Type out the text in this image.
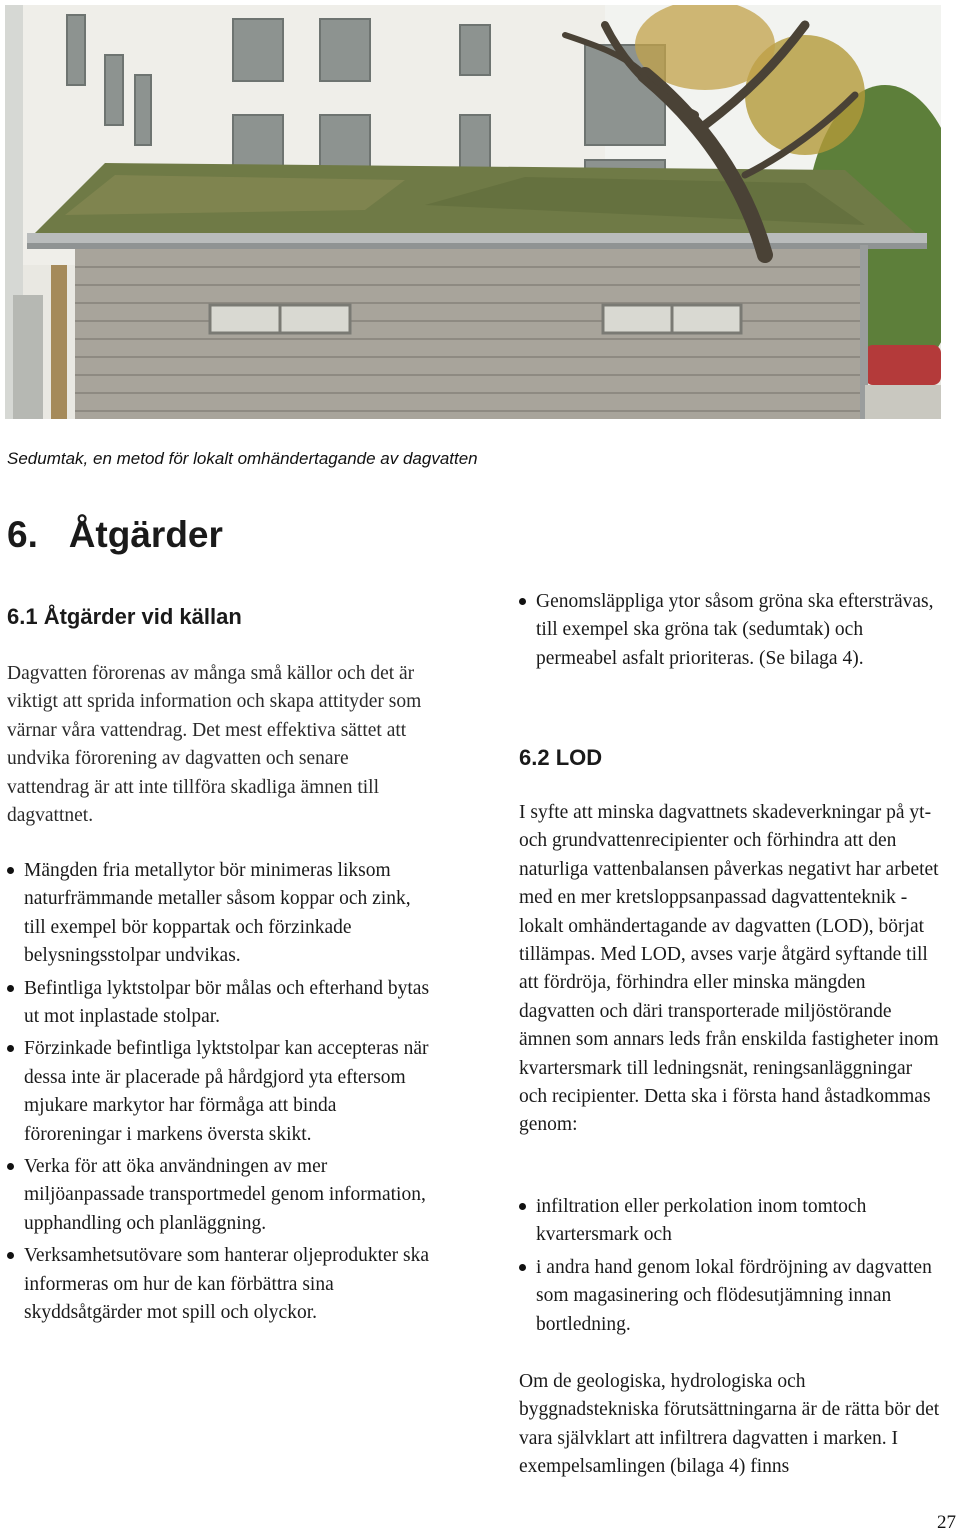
Sedumtak, en metod för lokalt omhändertagande av dagvatten
6.   Åtgärder
6.1 Åtgärder vid källan
Dagvatten förorenas av många små källor och det är viktigt att sprida information och skapa attityder som värnar våra vattendrag. Det mest effektiva sättet att undvika förorening av dagvatten och senare vattendrag är att inte tillföra skadliga ämnen till dagvattnet.
Mängden fria metallytor bör minimeras liksom naturfrämmande metaller såsom koppar och zink, till exempel bör koppartak och förzinkade belysningsstolpar undvikas.
Befintliga lyktstolpar bör målas och efterhand bytas ut mot inplastade stolpar.
Förzinkade befintliga lyktstolpar kan accepteras när dessa inte är placerade på hårdgjord yta eftersom mjukare markytor har förmåga att binda föroreningar i markens översta skikt.
Verka för att öka användningen av mer miljöanpassade transportmedel genom information, upphandling och planläggning.
Verksamhetsutövare som hanterar oljeprodukter ska informeras om hur de kan förbättra sina skyddsåtgärder mot spill och olyckor.
Genomsläppliga ytor såsom gröna ska eftersträvas, till exempel ska gröna tak (sedumtak) och permeabel asfalt prioriteras. (Se bilaga 4).
6.2 LOD
I syfte att minska dagvattnets skadeverkningar på yt- och grundvattenrecipienter och förhindra att den naturliga vattenbalansen påverkas negativt har arbetet med en mer kretsloppsanpassad dagvattenteknik - lokalt omhändertagande av dagvatten (LOD), börjat tillämpas. Med LOD, avses varje åtgärd syftande till att fördröja, förhindra eller minska mängden dagvatten och däri transporterade miljöstörande ämnen som annars leds från enskilda fastigheter inom kvartersmark till ledningsnät, reningsanläggningar och recipienter. Detta ska i första hand åstadkommas genom:
infiltration eller perkolation inom tomtoch kvartersmark och
i andra hand genom lokal fördröjning av dagvatten som magasinering och flödesutjämning innan bortledning.
Om de geologiska, hydrologiska och byggnadstekniska förutsättningarna är de rätta bör det vara självklart att infiltrera dagvatten i marken. I exempelsamlingen (bilaga 4) finns
27
